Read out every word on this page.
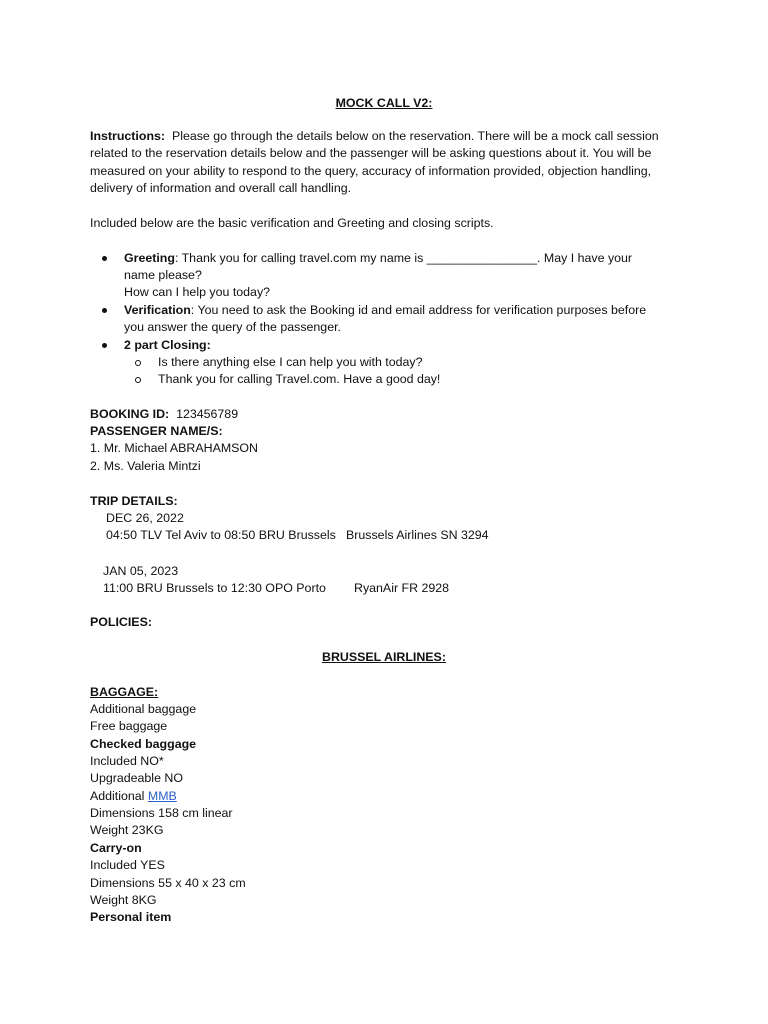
MOCK CALL V2:
Instructions: Please go through the details below on the reservation. There will be a mock call session
related to the reservation details below and the passenger will be asking questions about it. You will be
measured on your ability to respond to the query, accuracy of information provided, objection handling,
delivery of information and overall call handling.
Included below are the basic verification and Greeting and closing scripts.
Greeting: Thank you for calling travel.com my name is ________________. May I have your
name please?
How can I help you today?
Verification: You need to ask the Booking id and email address for verification purposes before
you answer the query of the passenger.
2 part Closing:
Is there anything else I can help you with today?
Thank you for calling Travel.com. Have a good day!
BOOKING ID: 123456789
PASSENGER NAME/S:
1. Mr. Michael ABRAHAMSON
2. Ms. Valeria Mintzi
TRIP DETAILS:
DEC 26, 2022
04:50 TLV Tel Aviv to 08:50 BRU Brussels Brussels Airlines SN 3294
JAN 05, 2023
11:00 BRU Brussels to 12:30 OPO Porto RyanAir FR 2928
POLICIES:
BRUSSEL AIRLINES:
BAGGAGE:
Additional baggage
Free baggage
Checked baggage
Included NO*
Upgradeable NO
Additional MMB
Dimensions 158 cm linear
Weight 23KG
Carry-on
Included YES
Dimensions 55 x 40 x 23 cm
Weight 8KG
Personal item
